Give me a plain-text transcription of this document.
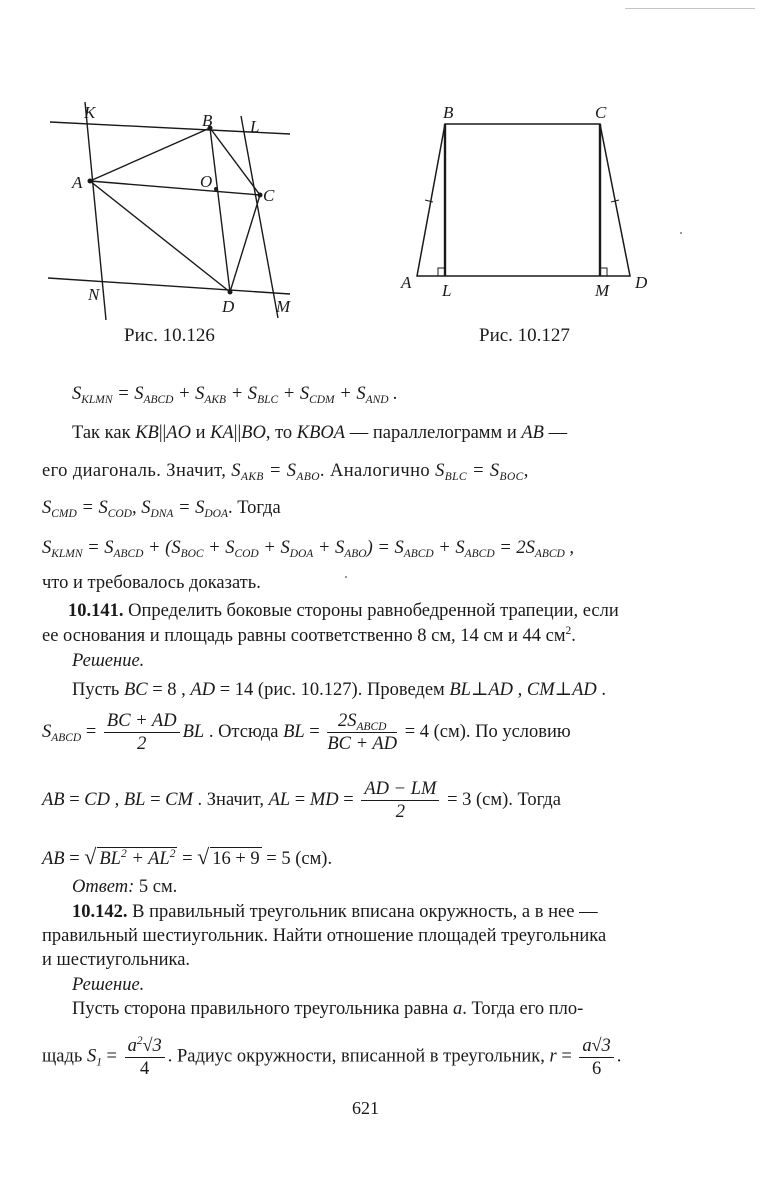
K	B L
A	O
C
N
D M
Рис. 10.126
B	C
A L	M D
Рис. 10.127
$S_{KLMN} = S_{ABCD} + S_{AKB} + S_{BLC} + S_{CDM} + S_{AND}$ .
Так как KB||AO и KA||BO, то KBOA — параллелограмм и AB —
его диагональ. Значит, $S_{AKB} = S_{ABO}$. Аналогично $S_{BLC} = S_{BOC}$,
$S_{CMD} = S_{COD}$, $S_{DNA} = S_{DOA}$. Тогда
$S_{KLMN} = S_{ABCD} + (S_{BOC} + S_{COD} + S_{DOA} + S_{ABO}) = S_{ABCD} + S_{ABCD} = 2S_{ABCD}$ ,
что и требовалось доказать.
10.141. Определить боковые стороны равнобедренной трапеции, если
ее основания и площадь равны соответственно 8 см, 14 см и 44 $см^2$.
Решение.
Пусть BC = 8 , AD = 14 (рис. 10.127). Проведем BL⊥AD , CM⊥AD .
$S_{ABCD} = \frac{BC + AD}{2}$ BL . Отсюда BL = $\frac{2S_{ABCD}}{BC + AD} = 4$ (см). По условию
AB = CD , BL = CM . Значит, AL = MD = $\frac{AD - LM}{2} = 3$ (см). Тогда
AB = √ $BL^2 + AL^2$ = √ 16 + 9 = 5 (см).
Ответ: 5 см.
10.142. В правильный треугольник вписана окружность, а в нее —
правильный шестиугольник. Найти отношение площадей треугольника
и шестиугольника.
Решение.
Пусть сторона правильного треугольника равна a. Тогда его пло-
щадь $S_1 = \frac{a^2√3}{4}$ . Радиус окружности, вписанной в треугольник, $r = \frac{a√3}{6}$ .
621
